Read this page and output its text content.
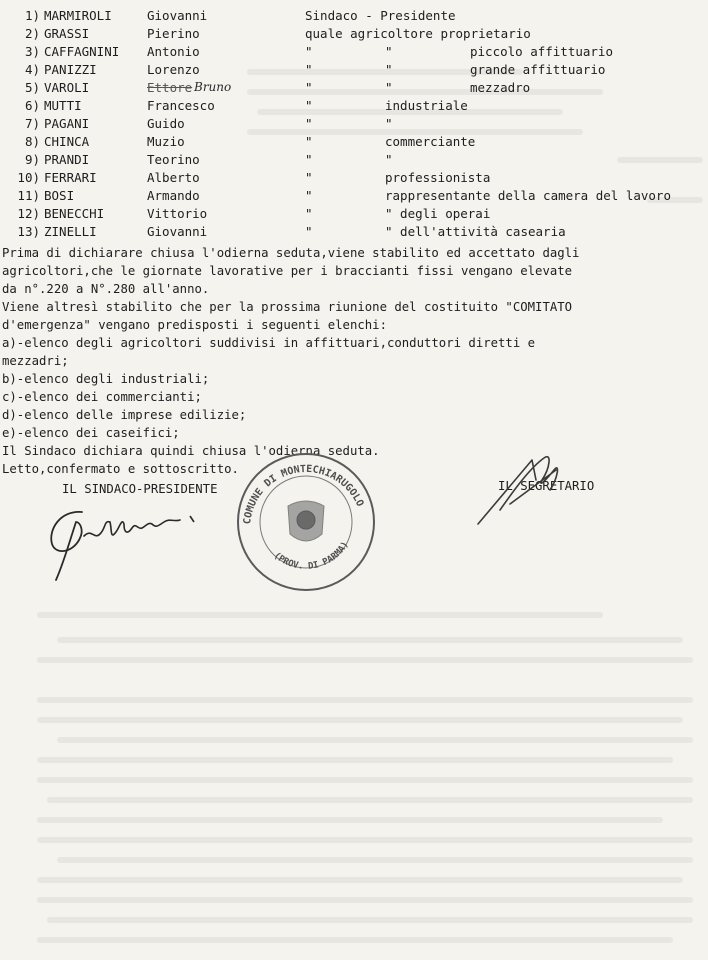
1) MARMIROLI	Giovanni	Sindaco - Presidente
2) GRASSI	Pierino	quale agricoltore proprietario
3) CAFFAGNINI Antonio	"	"	piccolo affittuario
4) PANIZZI	Lorenzo	"	"	grande affittuario
5) VAROLI	Ettore	"	"	mezzadro
Bruno
6) MUTTI	Francesco	"	industriale
7) PAGANI	Guido	"	"
8) CHINCA	Muzio	"	commerciante
9) PRANDI	Teorino	"	"
10) FERRARI	Alberto	"	professionista
11) BOSI	Armando	"	rappresentante della camera del lavoro
12) BENECCHI	Vittorio	"	" degli operai
13) ZINELLI	Giovanni	"	" dell'attività casearia
Prima di dichiarare chiusa l'odierna seduta,viene stabilito ed accettato dagli
agricoltori,che le giornate lavorative per i braccianti fissi vengano elevate
da n°.220 a N°.280 all'anno.
Viene altresì stabilito che per la prossima riunione del costituito "COMITATO
d'emergenza" vengano predisposti i seguenti elenchi:
a)-elenco degli agricoltori suddivisi in affittuari,conduttori diretti e
mezzadri;
b)-elenco degli industriali;
c)-elenco dei commercianti;
d)-elenco delle imprese edilizie;
e)-elenco dei caseifici;
Il Sindaco dichiara quindi chiusa l'odierna seduta.
Letto,confermato e sottoscritto.
IL SINDACO-PRESIDENTE	IL SEGRETARIO
COMUNE DI MONTECHIARUGOLO
(PROV. DI PARMA)
Gollammini
